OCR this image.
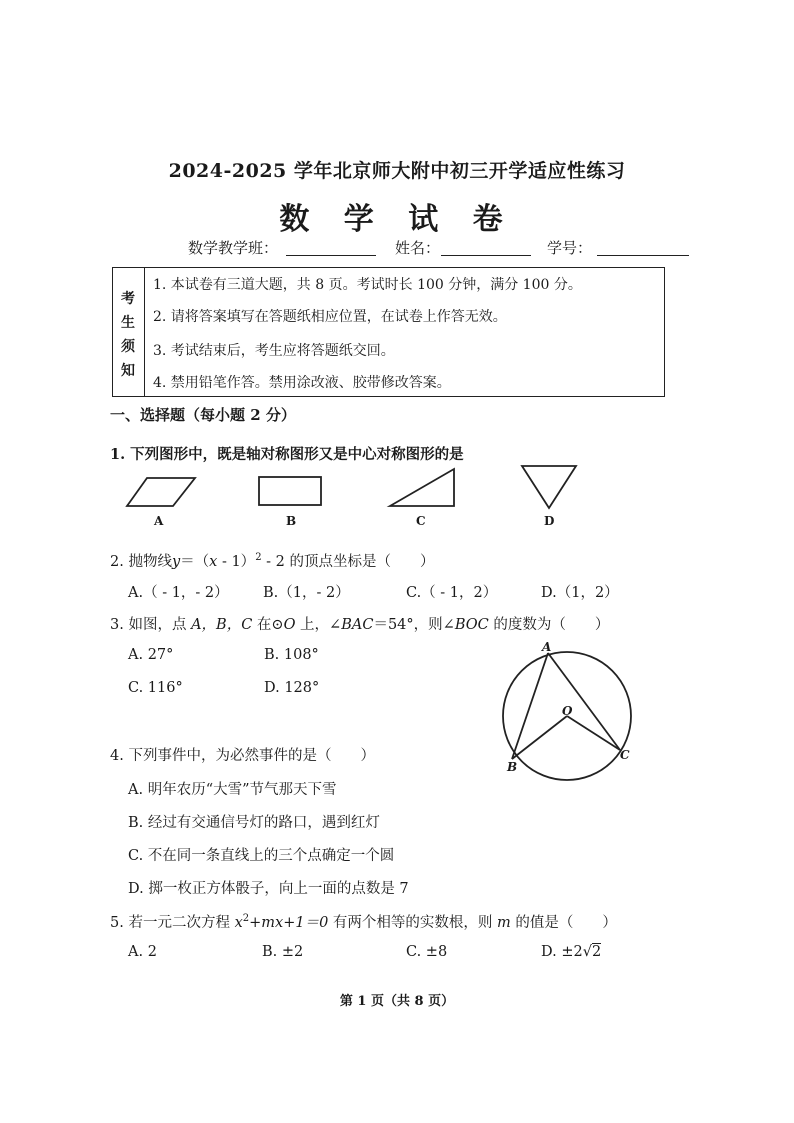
2024-2025 学年北京师大附中初三开学适应性练习
数 学 试 卷
数学教学班：	姓名：	学号：
考
生
须
知
1. 本试卷有三道大题，共 8 页。考试时长 100 分钟，满分 100 分。
2. 请将答案填写在答题纸相应位置，在试卷上作答无效。
3. 考试结束后，考生应将答题纸交回。
4. 禁用铅笔作答。禁用涂改液、胶带修改答案。
一、选择题（每小题 2 分）
1. 下列图形中，既是轴对称图形又是中心对称图形的是
A	B	C	D
2. 抛物线y＝（x - 1）$^2$ - 2 的顶点坐标是（　　）
A.（ - 1，- 2） B.（1，- 2）	C.（ - 1，2）	D.（1，2）
3. 如图，点 A，B，C 在⊙O 上，∠BAC＝54°，则∠BOC 的度数为（　　）
A. 27°	B. 108°
C. 116°	D. 128°
A
O
B
C
4. 下列事件中，为必然事件的是（　　）
A. 明年农历“大雪”节气那天下雪
B. 经过有交通信号灯的路口，遇到红灯
C. 不在同一条直线上的三个点确定一个圆
D. 掷一枚正方体骰子，向上一面的点数是 7
5. 若一元二次方程 $x^2+mx+1=0$ 有两个相等的实数根，则 m 的值是（　　）
A. 2	B. ±2	C. ±8	D. ±2√2
第 1 页（共 8 页）
